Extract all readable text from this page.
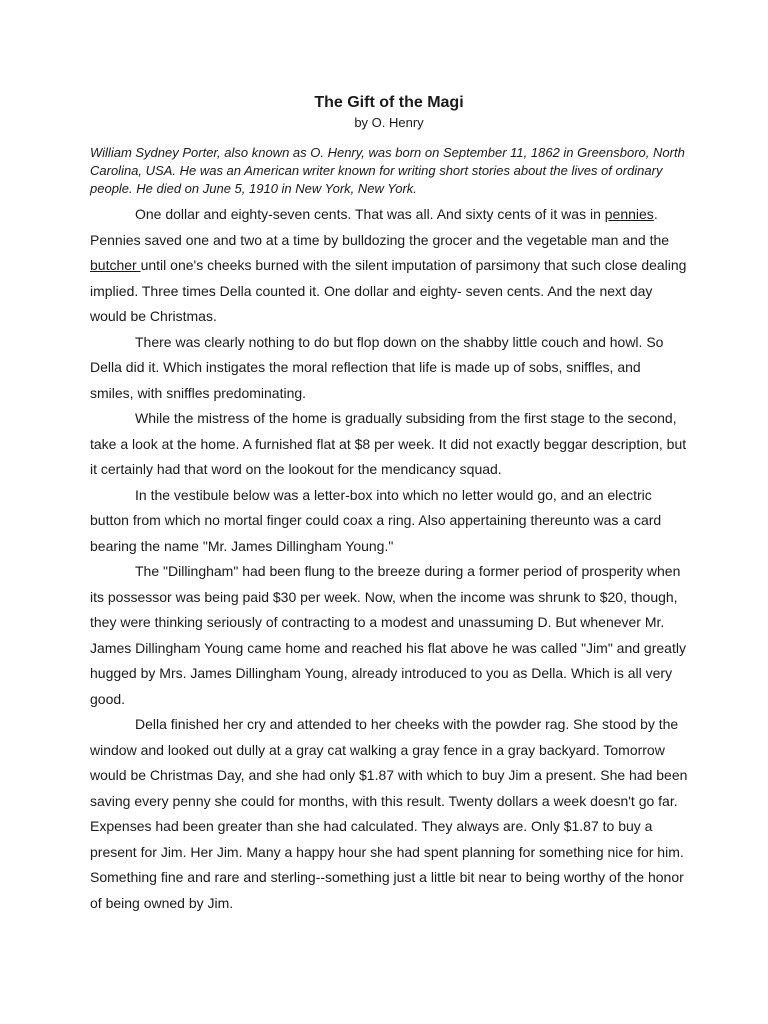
The Gift of the Magi

by O. Henry

William Sydney Porter, also known as O. Henry, was born on September 11, 1862 in Greensboro, North Carolina, USA. He was an American writer known for writing short stories about the lives of ordinary people. He died on June 5, 1910 in New York, New York.

One dollar and eighty-seven cents. That was all. And sixty cents of it was in pennies. Pennies saved one and two at a time by bulldozing the grocer and the vegetable man and the butcher until one's cheeks burned with the silent imputation of parsimony that such close dealing implied. Three times Della counted it. One dollar and eighty- seven cents. And the next day would be Christmas.

There was clearly nothing to do but flop down on the shabby little couch and howl. So Della did it. Which instigates the moral reflection that life is made up of sobs, sniffles, and smiles, with sniffles predominating.

While the mistress of the home is gradually subsiding from the first stage to the second, take a look at the home. A furnished flat at $8 per week. It did not exactly beggar description, but it certainly had that word on the lookout for the mendicancy squad.

In the vestibule below was a letter-box into which no letter would go, and an electric button from which no mortal finger could coax a ring. Also appertaining thereunto was a card bearing the name "Mr. James Dillingham Young."

The "Dillingham" had been flung to the breeze during a former period of prosperity when its possessor was being paid $30 per week. Now, when the income was shrunk to $20, though, they were thinking seriously of contracting to a modest and unassuming D. But whenever Mr. James Dillingham Young came home and reached his flat above he was called "Jim" and greatly hugged by Mrs. James Dillingham Young, already introduced to you as Della. Which is all very good.

Della finished her cry and attended to her cheeks with the powder rag. She stood by the window and looked out dully at a gray cat walking a gray fence in a gray backyard. Tomorrow would be Christmas Day, and she had only $1.87 with which to buy Jim a present. She had been saving every penny she could for months, with this result. Twenty dollars a week doesn't go far. Expenses had been greater than she had calculated. They always are. Only $1.87 to buy a present for Jim. Her Jim. Many a happy hour she had spent planning for something nice for him. Something fine and rare and sterling--something just a little bit near to being worthy of the honor of being owned by Jim.
